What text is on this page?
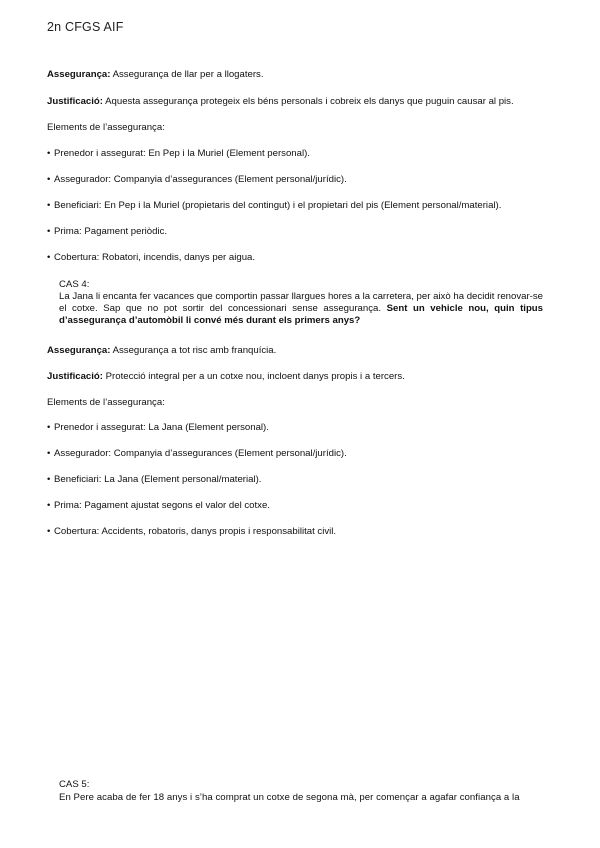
2n CFGS AIF
Assegurança: Assegurança de llar per a llogaters.
Justificació: Aquesta assegurança protegeix els béns personals i cobreix els danys que puguin causar al pis.
Elements de l’assegurança:
• Prenedor i assegurat: En Pep i la Muriel (Element personal).
• Assegurador: Companyia d’assegurances (Element personal/jurídic).
• Beneficiari: En Pep i la Muriel (propietaris del contingut) i el propietari del pis (Element personal/material).
• Prima: Pagament periòdic.
• Cobertura: Robatori, incendis, danys per aigua.
CAS 4:
La Jana li encanta fer vacances que comportin passar llargues hores a la carretera, per això ha decidit renovar-se el cotxe. Sap que no pot sortir del concessionari sense assegurança. Sent un vehicle nou, quin tipus d’assegurança d’automòbil li convé més durant els primers anys?
Assegurança: Assegurança a tot risc amb franquícia.
Justificació: Protecció integral per a un cotxe nou, incloent danys propis i a tercers.
Elements de l’assegurança:
• Prenedor i assegurat: La Jana (Element personal).
• Assegurador: Companyia d’assegurances (Element personal/jurídic).
• Beneficiari: La Jana (Element personal/material).
• Prima: Pagament ajustat segons el valor del cotxe.
• Cobertura: Accidents, robatoris, danys propis i responsabilitat civil.
CAS 5:
En Pere acaba de fer 18 anys i s’ha comprat un cotxe de segona mà, per començar a agafar confiança a la
